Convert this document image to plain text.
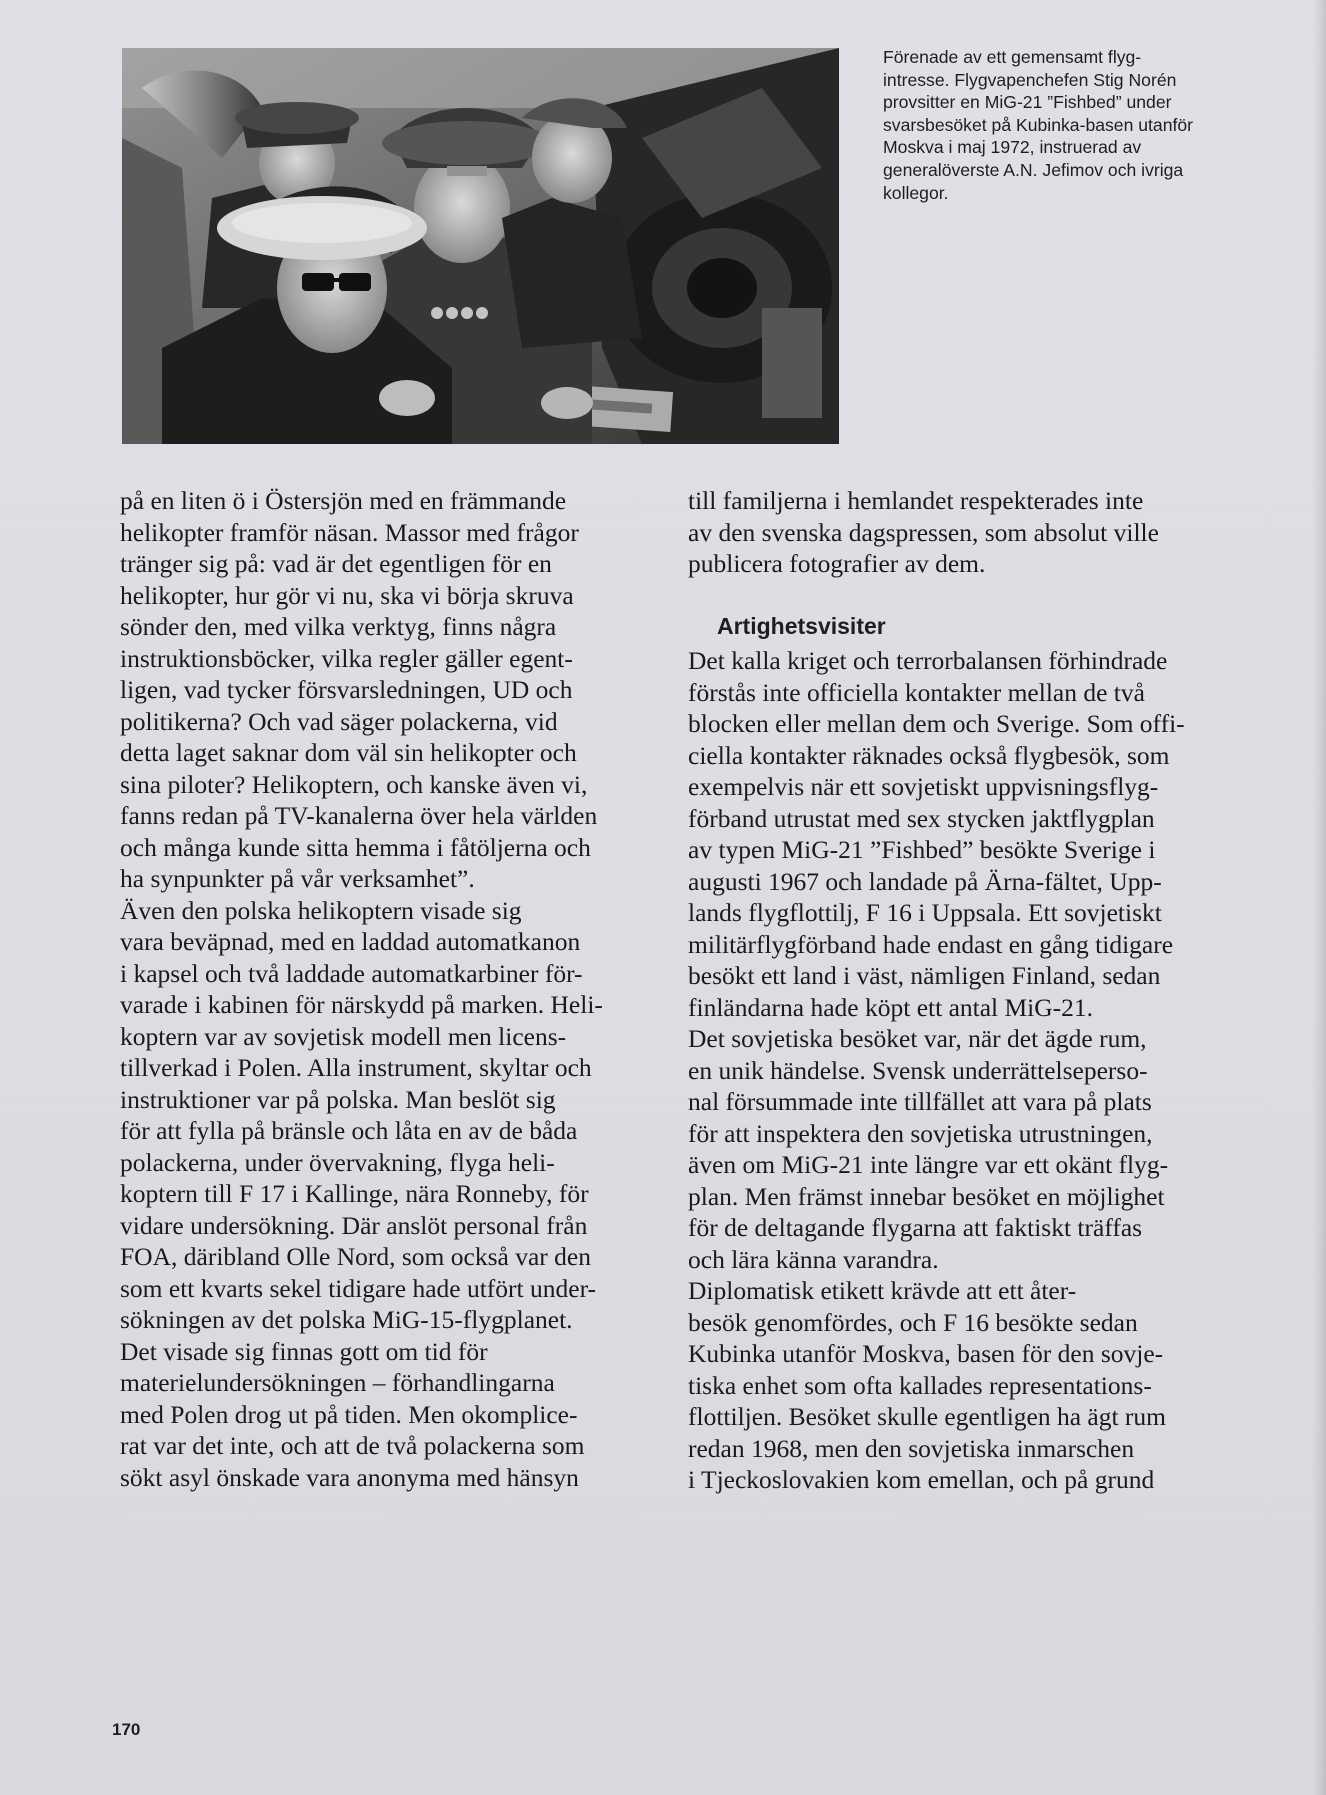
Förenade av ett gemensamt flyg-
intresse. Flygvapenchefen Stig Norén
provsitter en MiG-21 ”Fishbed” under
svarsbesöket på Kubinka-basen utanför
Moskva i maj 1972, instruerad av
generalöverste A.N. Jefimov och ivriga
kollegor.
på en liten ö i Östersjön med en främmande
helikopter framför näsan. Massor med frågor
tränger sig på: vad är det egentligen för en
helikopter, hur gör vi nu, ska vi börja skruva
sönder den, med vilka verktyg, finns några
instruktionsböcker, vilka regler gäller egent-
ligen, vad tycker försvarsledningen, UD och
politikerna? Och vad säger polackerna, vid
detta laget saknar dom väl sin helikopter och
sina piloter? Helikoptern, och kanske även vi,
fanns redan på TV-kanalerna över hela världen
och många kunde sitta hemma i fåtöljerna och
ha synpunkter på vår verksamhet”.
Även den polska helikoptern visade sig
vara beväpnad, med en laddad automatkanon
i kapsel och två laddade automatkarbiner för-
varade i kabinen för närskydd på marken. Heli-
koptern var av sovjetisk modell men licens-
tillverkad i Polen. Alla instrument, skyltar och
instruktioner var på polska. Man beslöt sig
för att fylla på bränsle och låta en av de båda
polackerna, under övervakning, flyga heli-
koptern till F 17 i Kallinge, nära Ronneby, för
vidare undersökning. Där anslöt personal från
FOA, däribland Olle Nord, som också var den
som ett kvarts sekel tidigare hade utfört under-
sökningen av det polska MiG-15-flygplanet.
Det visade sig finnas gott om tid för
materielundersökningen – förhandlingarna
med Polen drog ut på tiden. Men okomplice-
rat var det inte, och att de två polackerna som
sökt asyl önskade vara anonyma med hänsyn
till familjerna i hemlandet respekterades inte
av den svenska dagspressen, som absolut ville
publicera fotografier av dem.
Artighetsvisiter
Det kalla kriget och terrorbalansen förhindrade
förstås inte officiella kontakter mellan de två
blocken eller mellan dem och Sverige. Som offi-
ciella kontakter räknades också flygbesök, som
exempelvis när ett sovjetiskt uppvisningsflyg-
förband utrustat med sex stycken jaktflygplan
av typen MiG-21 ”Fishbed” besökte Sverige i
augusti 1967 och landade på Ärna-fältet, Upp-
lands flygflottilj, F 16 i Uppsala. Ett sovjetiskt
militärflygförband hade endast en gång tidigare
besökt ett land i väst, nämligen Finland, sedan
finländarna hade köpt ett antal MiG-21.
Det sovjetiska besöket var, när det ägde rum,
en unik händelse. Svensk underrättelseperso-
nal försummade inte tillfället att vara på plats
för att inspektera den sovjetiska utrustningen,
även om MiG-21 inte längre var ett okänt flyg-
plan. Men främst innebar besöket en möjlighet
för de deltagande flygarna att faktiskt träffas
och lära känna varandra.
Diplomatisk etikett krävde att ett åter-
besök genomfördes, och F 16 besökte sedan
Kubinka utanför Moskva, basen för den sovje-
tiska enhet som ofta kallades representations-
flottiljen. Besöket skulle egentligen ha ägt rum
redan 1968, men den sovjetiska inmarschen
i Tjeckoslovakien kom emellan, och på grund
170
